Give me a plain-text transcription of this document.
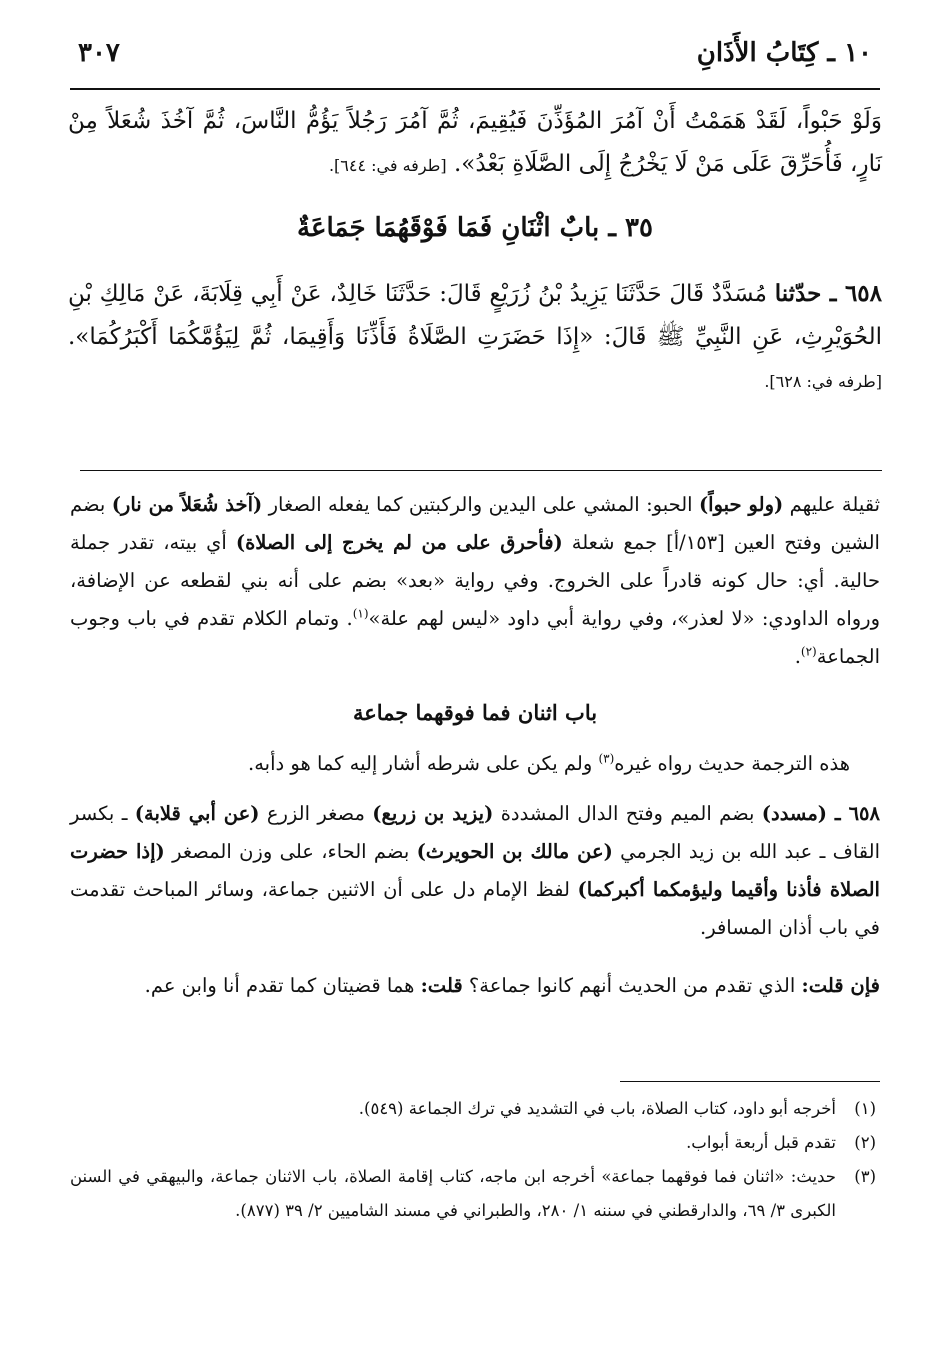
١٠ ـ كِتَابُ الأَذَانِ
٣٠٧

وَلَوْ حَبْواً، لَقَدْ هَمَمْتُ أَنْ آمُرَ المُؤَذِّنَ فَيُقِيمَ، ثُمَّ آمُرَ رَجُلاً يَؤُمُّ النَّاسَ، ثُمَّ آخُذَ شُعَلاً مِنْ نَارٍ، فَأُحَرِّقَ عَلَى مَنْ لَا يَخْرُجُ إِلَى الصَّلَاةِ بَعْدُ». [طرفه في: ٦٤٤].

٣٥ ـ بابٌ اثْنَانِ فَمَا فَوْقَهُمَا جَمَاعَةٌ

٦٥٨ ـ حدّثنا مُسَدَّدٌ قَالَ حَدَّثَنَا يَزِيدُ بْنُ زُرَيْعٍ قَالَ: حَدَّثَنَا خَالِدٌ، عَنْ أَبِي قِلَابَةَ، عَنْ مَالِكِ بْنِ الحُوَيْرِثِ، عَنِ النَّبِيِّ ﷺ قَالَ: «إِذَا حَضَرَتِ الصَّلَاةُ فَأَذِّنَا وَأَقِيمَا، ثُمَّ لِيَؤُمَّكُمَا أَكْبَرُكُمَا». [طرفه في: ٦٢٨].

ثقيلة عليهم (ولو حبواً) الحبو: المشي على اليدين والركبتين كما يفعله الصغار (آخذ شُعَلاً من نار) بضم الشين وفتح العين [١٥٣/أ] جمع شعلة (فأحرق على من لم يخرج إلى الصلاة) أي بيته، تقدر جملة حالية. أي: حال كونه قادراً على الخروج. وفي رواية «بعد» بضم على أنه بني لقطعه عن الإضافة، ورواه الداودي: «لا لعذر»، وفي رواية أبي داود «ليس لهم علة»$^{(١)}$. وتمام الكلام تقدم في باب وجوب الجماعة$^{(٢)}$.

باب اثنان فما فوقهما جماعة

هذه الترجمة حديث رواه غيره$^{(٣)}$ ولم يكن على شرطه أشار إليه كما هو دأبه.

٦٥٨ ـ (مسدد) بضم الميم وفتح الدال المشددة (يزيد بن زريع) مصغر الزرع (عن أبي قلابة) ـ بكسر القاف ـ عبد الله بن زيد الجرمي (عن مالك بن الحويرث) بضم الحاء، على وزن المصغر (إذا حضرت الصلاة فأذنا وأقيما وليؤمكما أكبركما) لفظ الإمام دل على أن الاثنين جماعة، وسائر المباحث تقدمت في باب أذان المسافر.

فإن قلت: الذي تقدم من الحديث أنهم كانوا جماعة؟ قلت: هما قضيتان كما تقدم أنا وابن عم.

(١)
أخرجه أبو داود، كتاب الصلاة، باب في التشديد في ترك الجماعة (٥٤٩).
(٢)
تقدم قبل أربعة أبواب.
(٣)
حديث: «اثنان فما فوقهما جماعة» أخرجه ابن ماجه، كتاب إقامة الصلاة، باب الاثنان جماعة، والبيهقي في السنن الكبرى ٣/ ٦٩، والدارقطني في سننه ١/ ٢٨٠، والطبراني في مسند الشاميين ٢/ ٣٩ (٨٧٧).
